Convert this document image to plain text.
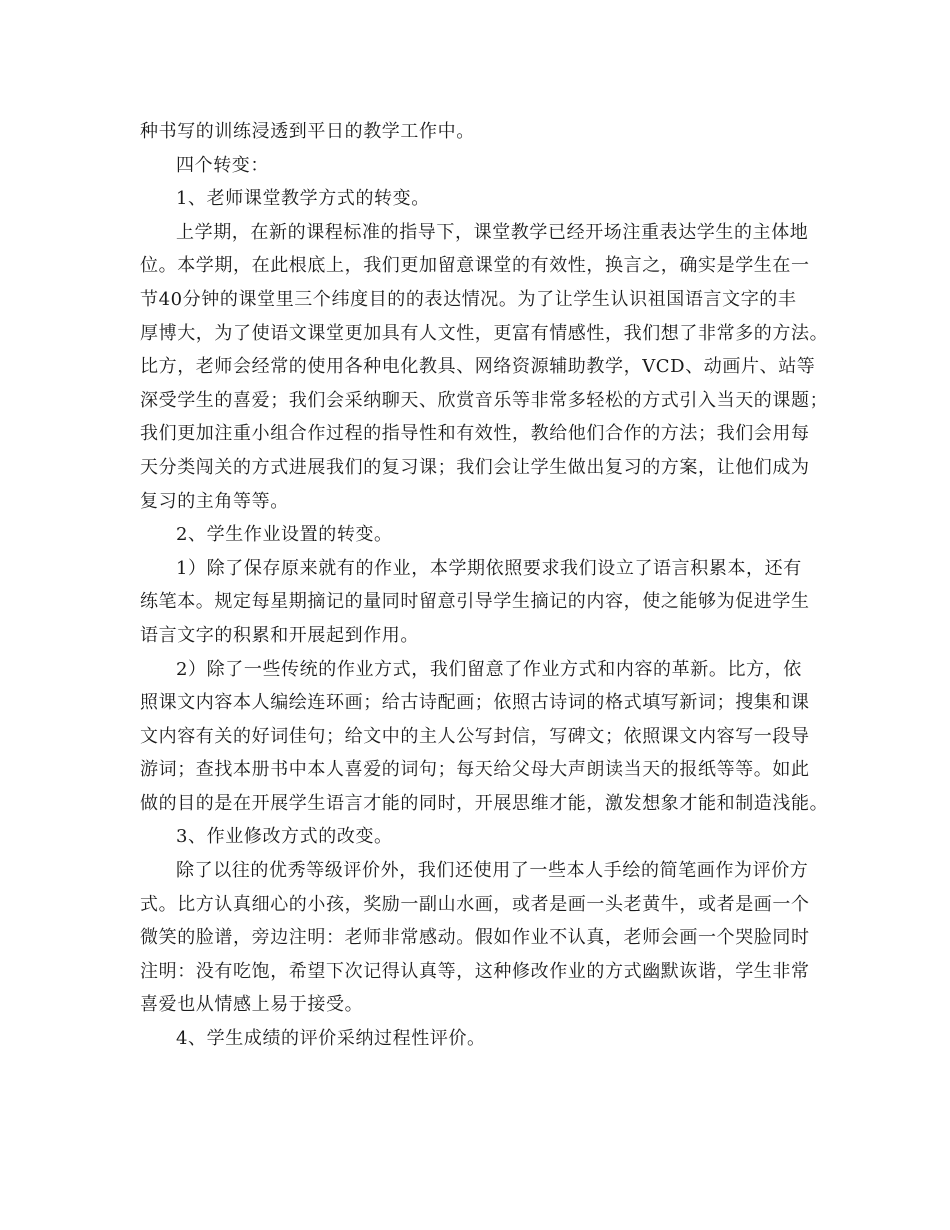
种书写的训练浸透到平日的教学工作中。
四个转变：
1、老师课堂教学方式的转变。
上学期，在新的课程标准的指导下，课堂教学已经开场注重表达学生的主体地
位。本学期，在此根底上，我们更加留意课堂的有效性，换言之，确实是学生在一
节40分钟的课堂里三个纬度目的的表达情况。为了让学生认识祖国语言文字的丰
厚博大，为了使语文课堂更加具有人文性，更富有情感性，我们想了非常多的方法。
比方，老师会经常的使用各种电化教具、网络资源辅助教学，VCD、动画片、站等
深受学生的喜爱；我们会采纳聊天、欣赏音乐等非常多轻松的方式引入当天的课题；
我们更加注重小组合作过程的指导性和有效性，教给他们合作的方法；我们会用每
天分类闯关的方式进展我们的复习课；我们会让学生做出复习的方案，让他们成为
复习的主角等等。
2、学生作业设置的转变。
1）除了保存原来就有的作业，本学期依照要求我们设立了语言积累本，还有
练笔本。规定每星期摘记的量同时留意引导学生摘记的内容，使之能够为促进学生
语言文字的积累和开展起到作用。
2）除了一些传统的作业方式，我们留意了作业方式和内容的革新。比方，依
照课文内容本人编绘连环画；给古诗配画；依照古诗词的格式填写新词；搜集和课
文内容有关的好词佳句；给文中的主人公写封信，写碑文；依照课文内容写一段导
游词；查找本册书中本人喜爱的词句；每天给父母大声朗读当天的报纸等等。如此
做的目的是在开展学生语言才能的同时，开展思维才能，激发想象才能和制造浅能。
3、作业修改方式的改变。
除了以往的优秀等级评价外，我们还使用了一些本人手绘的简笔画作为评价方
式。比方认真细心的小孩，奖励一副山水画，或者是画一头老黄牛，或者是画一个
微笑的脸谱，旁边注明：老师非常感动。假如作业不认真，老师会画一个哭脸同时
注明：没有吃饱，希望下次记得认真等，这种修改作业的方式幽默诙谐，学生非常
喜爱也从情感上易于接受。
4、学生成绩的评价采纳过程性评价。
